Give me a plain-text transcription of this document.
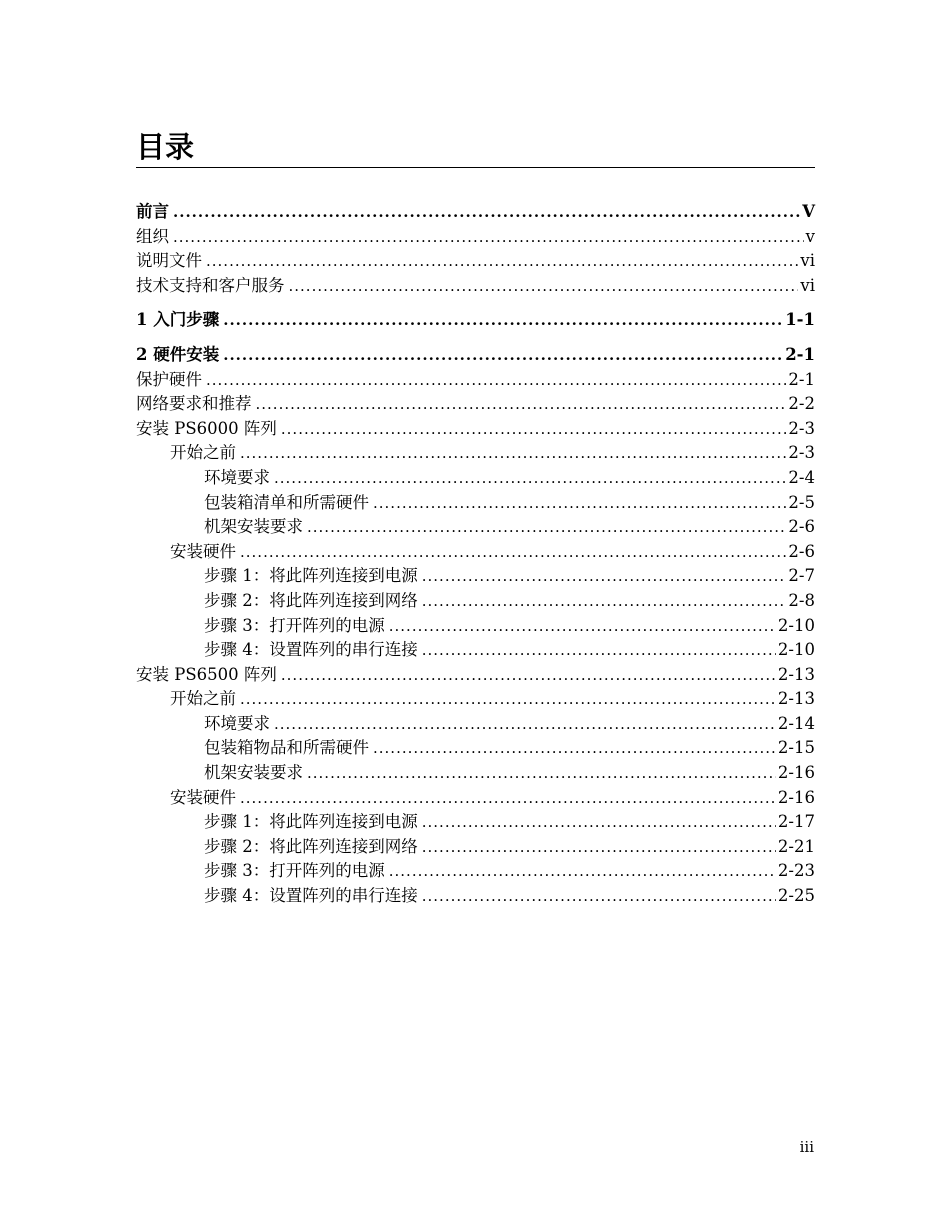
目录
前言 .....	V
组织 .....	v
说明文件 .....	vi
技术支持和客户服务 .....	vi
1 入门步骤 .....	1-1
2 硬件安装 .....	2-1
保护硬件 .....	2-1
网络要求和推荐 .....	2-2
安装 PS6000 阵列 .....	2-3
开始之前 .....	2-3
环境要求 .....	2-4
包装箱清单和所需硬件 .....	2-5
机架安装要求 .....	2-6
安装硬件 .....	2-6
步骤 1：将此阵列连接到电源 .....	2-7
步骤 2：将此阵列连接到网络 .....	2-8
步骤 3：打开阵列的电源 .....	2-10
步骤 4：设置阵列的串行连接 .....	2-10
安装 PS6500 阵列 .....	2-13
开始之前 .....	2-13
环境要求 .....	2-14
包装箱物品和所需硬件 .....	2-15
机架安装要求 .....	2-16
安装硬件 .....	2-16
步骤 1：将此阵列连接到电源 .....	2-17
步骤 2：将此阵列连接到网络 .....	2-21
步骤 3：打开阵列的电源 .....	2-23
步骤 4：设置阵列的串行连接 .....	2-25
iii
